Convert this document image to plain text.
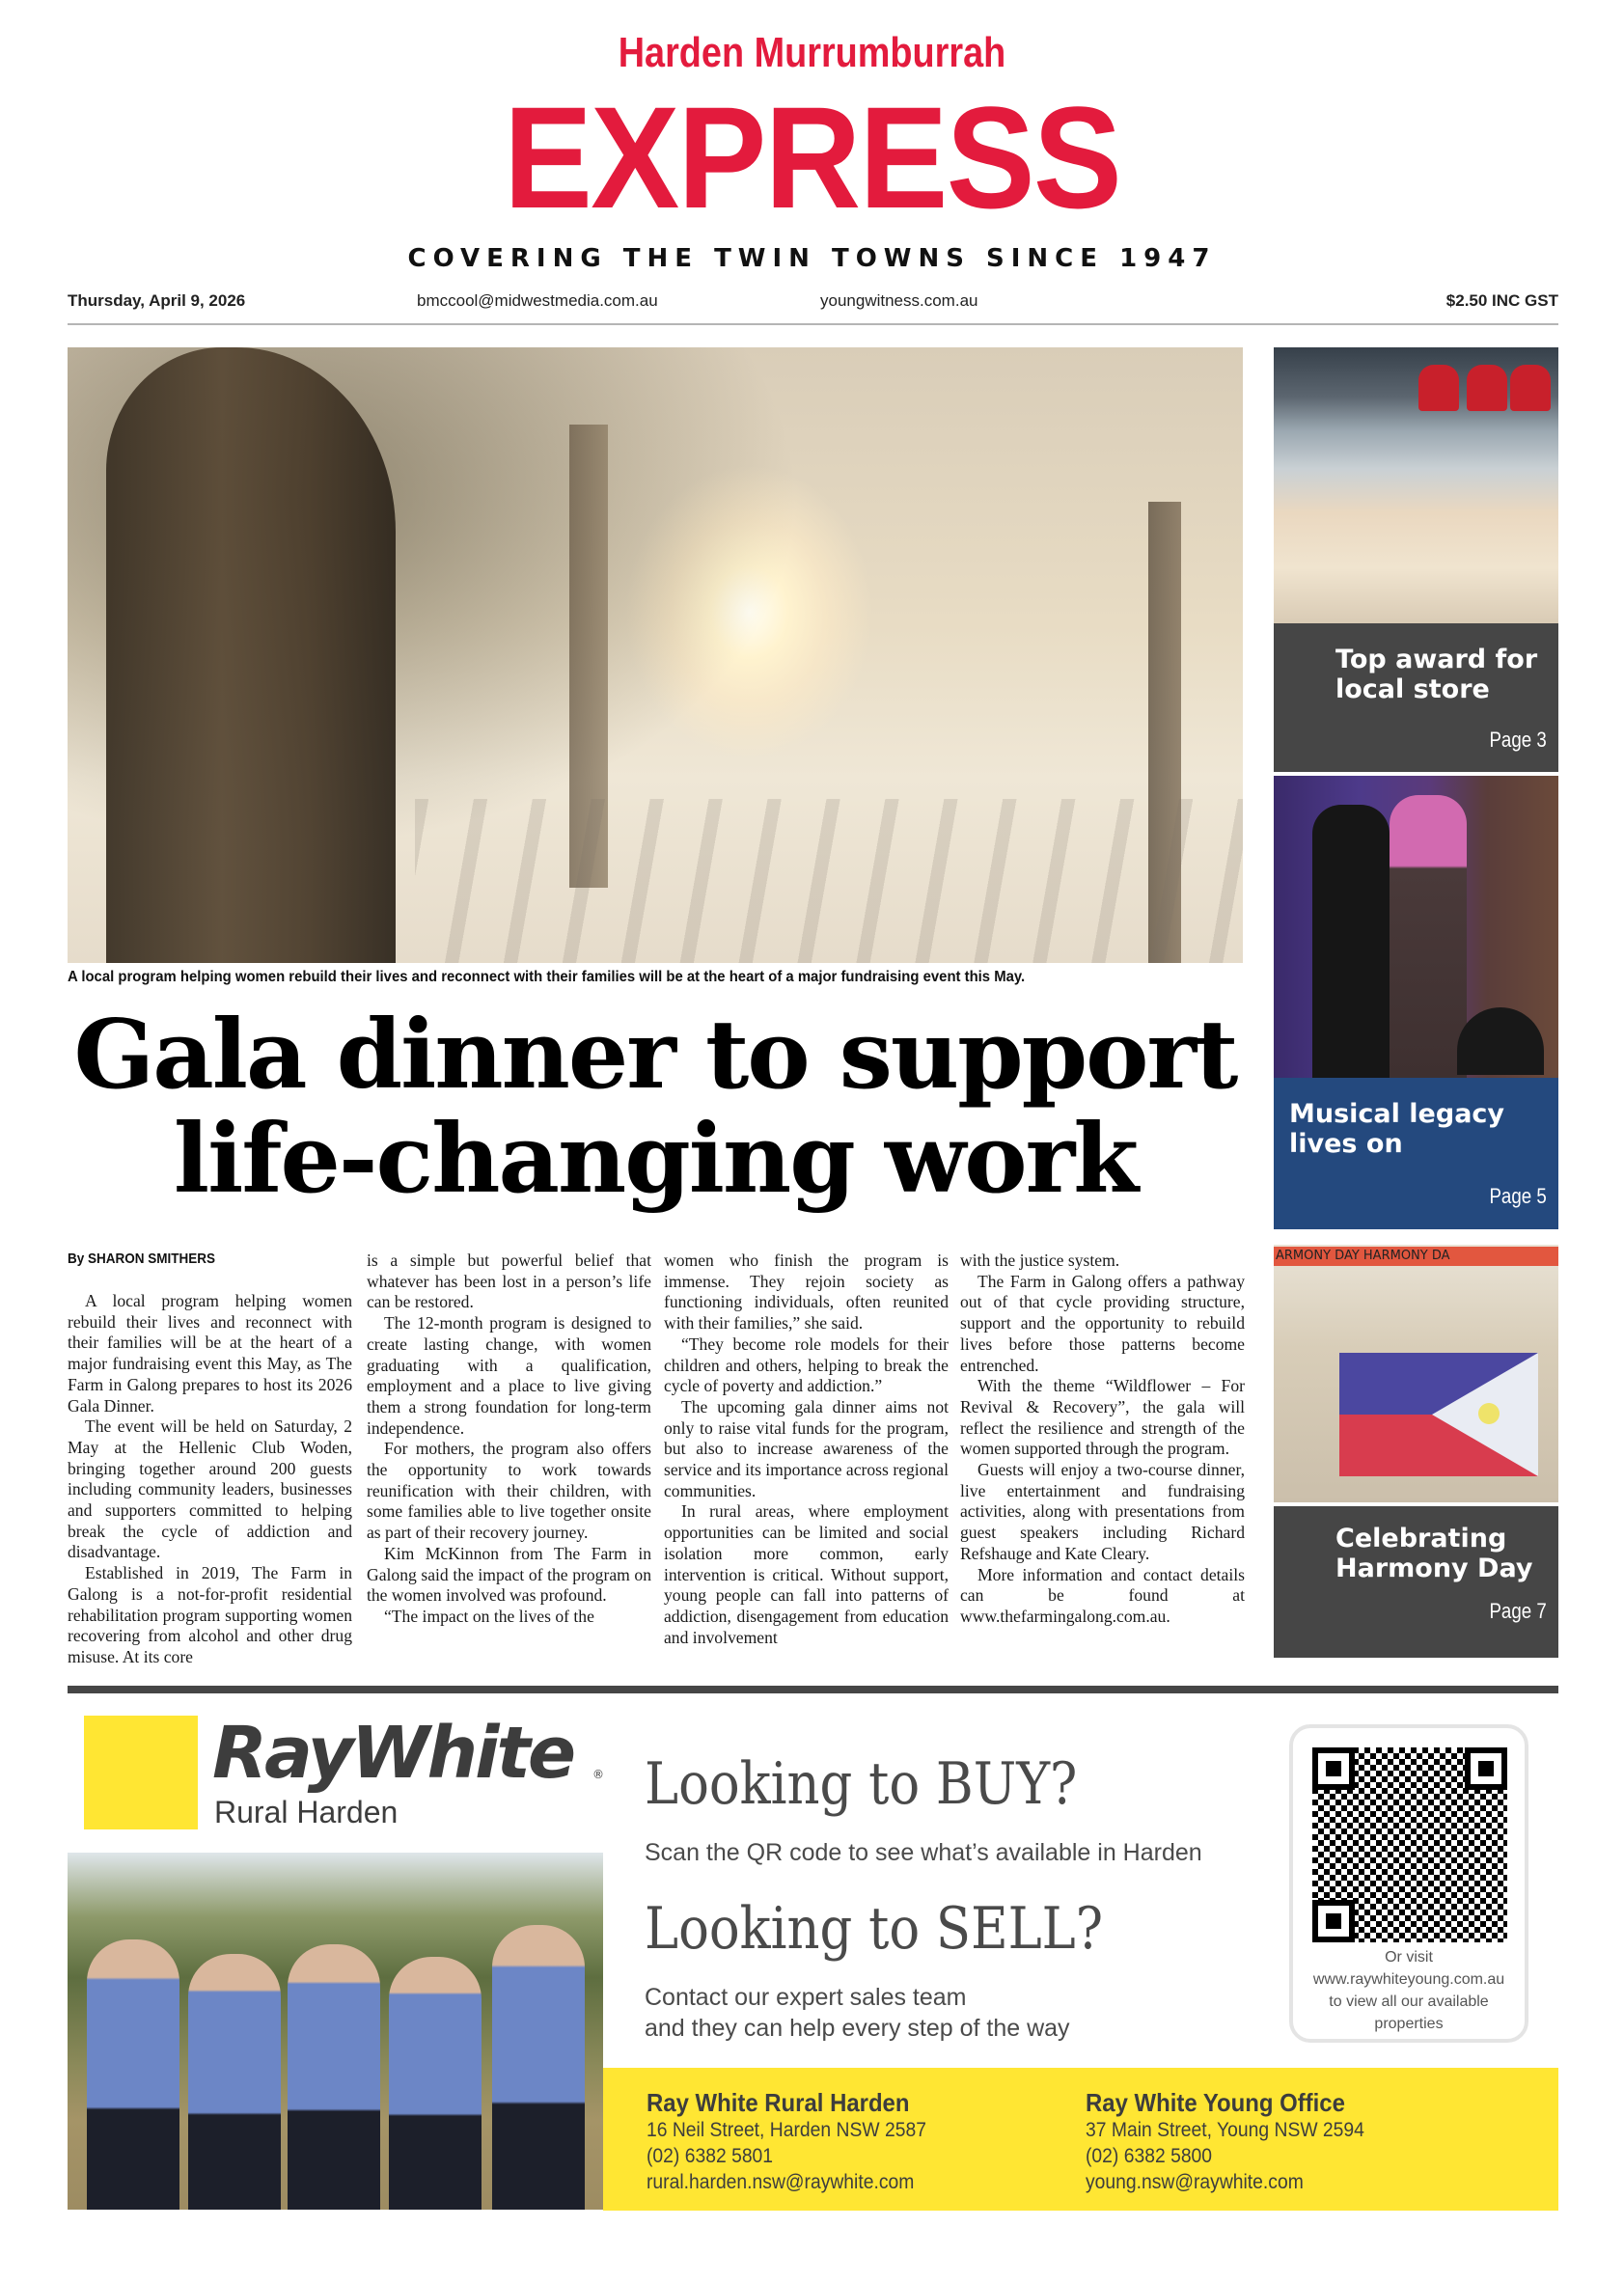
Harden Murrumburrah
EXPRESS
COVERING THE TWIN TOWNS SINCE 1947
Thursday, April 9, 2026	bmccool@midwestmedia.com.au	youngwitness.com.au	$2.50 INC GST
A local program helping women rebuild their lives and reconnect with their families will be at the heart of a major fundraising event this May.
Gala dinner to support
life-changing work
By SHARON SMITHERS

A local program helping women rebuild their lives and reconnect with their families will be at the heart of a major fundraising event this May, as The Farm in Galong prepares to host its 2026 Gala Dinner.

The event will be held on Saturday, 2 May at the Hellenic Club Woden, bringing together around 200 guests including community leaders, businesses and supporters committed to helping break the cycle of addiction and disadvantage.

Established in 2019, The Farm in Galong is a not-for-profit residential rehabilitation program supporting women recovering from alcohol and other drug misuse. At its core

is a simple but powerful belief that whatever has been lost in a person’s life can be restored.

The 12-month program is designed to create lasting change, with women graduating with a qualification, employment and a place to live giving them a strong foundation for long-term independence.

For mothers, the program also offers the opportunity to work towards reunification with their children, with some families able to live together onsite as part of their recovery journey.

Kim McKinnon from The Farm in Galong said the impact of the program on the women involved was profound.

“The impact on the lives of the

women who finish the program is immense. They rejoin society as functioning individuals, often reunited with their families,” she said.

“They become role models for their children and others, helping to break the cycle of poverty and addiction.”

The upcoming gala dinner aims not only to raise vital funds for the program, but also to increase awareness of the service and its importance across regional communities.

In rural areas, where employment opportunities can be limited and social isolation more common, early intervention is critical. Without support, young people can fall into patterns of addiction, disengagement from education and involvement

with the justice system.

The Farm in Galong offers a pathway out of that cycle providing structure, support and the opportunity to rebuild lives before those patterns become entrenched.

With the theme “Wildflower – For Revival & Recovery”, the gala will reflect the resilience and strength of the women supported through the program.

Guests will enjoy a two-course dinner, live entertainment and fundraising activities, along with presentations from guest speakers including Richard Refshauge and Kate Cleary.

More information and contact details can be found at www.thefarmingalong.com.au.

Top award for
local store
Page 3
Musical legacy
lives on
Page 5
ARMONY DAY HARMONY DA
Celebrating
Harmony Day
Page 7
RayWhite ®
Rural Harden	Looking to BUY?
Scan the QR code to see what’s available in Harden
Looking to SELL?
Contact our expert sales team
and they can help every step of the way
Or visit
www.raywhiteyoung.com.au
to view all our available
properties
Ray White Rural Harden
16 Neil Street, Harden NSW 2587
(02) 6382 5801
rural.harden.nsw@raywhite.com
Ray White Young Office
37 Main Street, Young NSW 2594
(02) 6382 5800
young.nsw@raywhite.com
